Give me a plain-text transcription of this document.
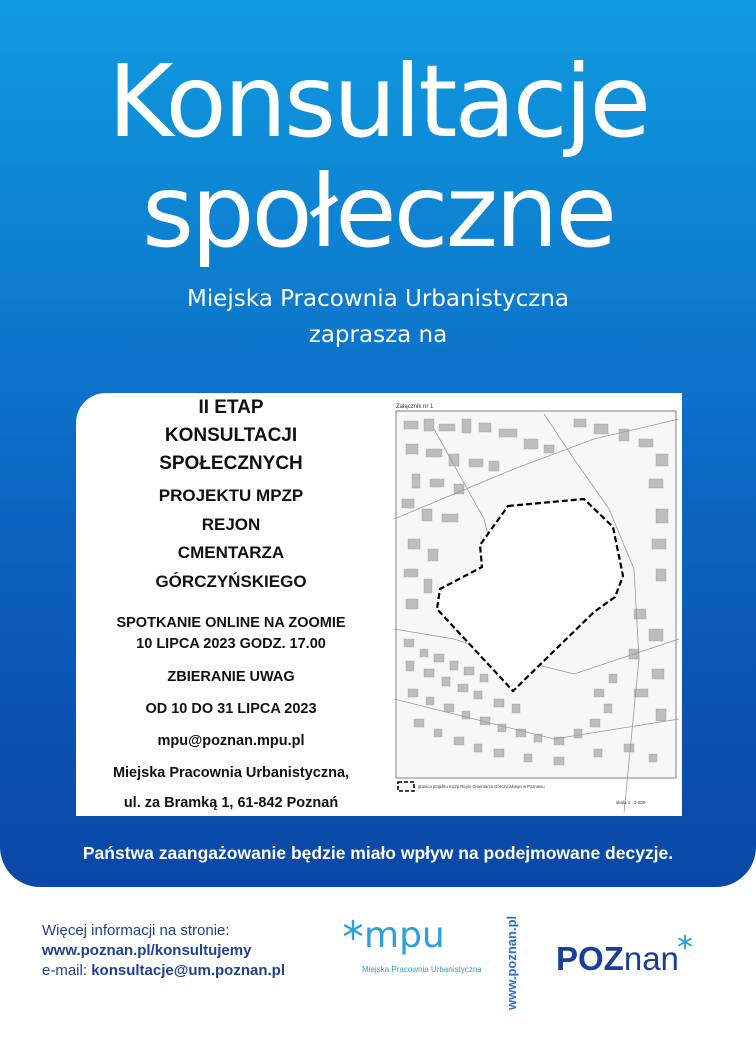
Konsultacje
społeczne
Miejska Pracownia Urbanistyczna
zaprasza na
II ETAP
KONSULTACJI
SPOŁECZNYCH
PROJEKTU MPZP
REJON
CMENTARZA
GÓRCZYŃSKIEGO
SPOTKANIE ONLINE NA ZOOMIE
10 LIPCA 2023 GODZ. 17.00
ZBIERANIE UWAG
OD 10 DO 31 LIPCA 2023
mpu@poznan.mpu.pl
Miejska Pracownia Urbanistyczna,
ul. za Bramką 1, 61-842 Poznań
Załącznik nr 1
granica projektu mpzp Rejon Cmentarza Górczyńskiego w Poznaniu
skala 1 : 3 000
Państwa zaangażowanie będzie miało wpływ na podejmowane decyzje.
Więcej informacji na stronie:
www.poznan.pl/konsultujemy
e-mail: konsultacje@um.poznan.pl
mpu
Miejska Pracownia Urbanistyczna www.poznan.pl POZnan
